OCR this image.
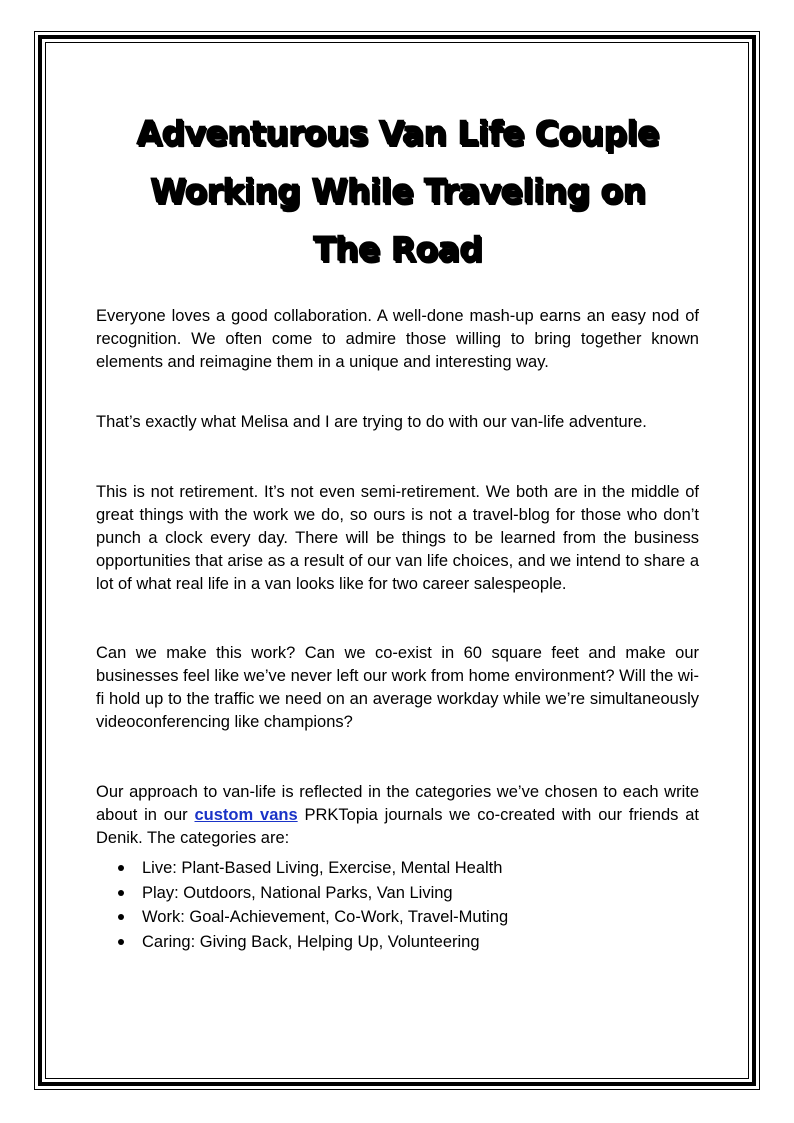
Adventurous Van Life Couple
Working While Traveling on
The Road

Everyone loves a good collaboration. A well-done mash-up earns an easy nod of recognition. We often come to admire those willing to bring together known elements and reimagine them in a unique and interesting way.

That’s exactly what Melisa and I are trying to do with our van-life adventure.

This is not retirement. It’s not even semi-retirement. We both are in the middle of great things with the work we do, so ours is not a travel-blog for those who don’t punch a clock every day. There will be things to be learned from the business opportunities that arise as a result of our van life choices, and we intend to share a lot of what real life in a van looks like for two career salespeople.

Can we make this work? Can we co-exist in 60 square feet and make our businesses feel like we’ve never left our work from home environment? Will the wi-fi hold up to the traffic we need on an average workday while we’re simultaneously videoconferencing like champions?

Our approach to van-life is reflected in the categories we’ve chosen to each write about in our custom vans PRKTopia journals we co-created with our friends at Denik. The categories are:

Live: Plant-Based Living, Exercise, Mental Health
Play: Outdoors, National Parks, Van Living
Work: Goal-Achievement, Co-Work, Travel-Muting
Caring: Giving Back, Helping Up, Volunteering
